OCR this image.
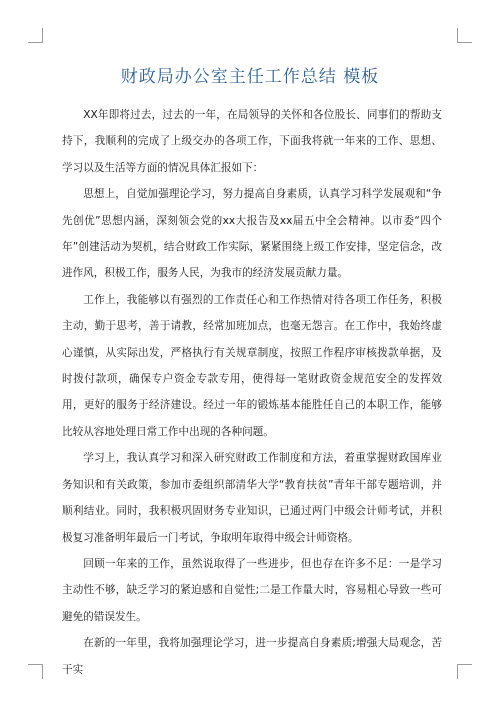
财政局办公室主任工作总结 模板

XX年即将过去，过去的一年，在局领导的关怀和各位股长、同事们的帮助支持下，我顺利的完成了上级交办的各项工作，下面我将就一年来的工作、思想、学习以及生活等方面的情况具体汇报如下：

思想上，自觉加强理论学习，努力提高自身素质，认真学习科学发展观和“争先创优”思想内涵，深刻领会党的xx大报告及xx届五中全会精神。以市委“四个年”创建活动为契机，结合财政工作实际，紧紧围绕上级工作安排，坚定信念，改进作风，积极工作，服务人民，为我市的经济发展贡献力量。

工作上，我能够以有强烈的工作责任心和工作热情对待各项工作任务，积极主动，勤于思考，善于请教，经常加班加点，也毫无怨言。在工作中，我始终虚心谨慎，从实际出发，严格执行有关规章制度，按照工作程序审核拨款单据，及时拨付款项，确保专户资金专款专用，使得每一笔财政资金规范安全的发挥效用，更好的服务于经济建设。经过一年的锻炼基本能胜任自己的本职工作，能够比较从容地处理日常工作中出现的各种问题。

学习上，我认真学习和深入研究财政工作制度和方法，着重掌握财政国库业务知识和有关政策，参加市委组织部清华大学“教育扶贫”青年干部专题培训，并顺利结业。同时，我积极巩固财务专业知识，已通过两门中级会计师考试，并积极复习准备明年最后一门考试，争取明年取得中级会计师资格。

回顾一年来的工作，虽然说取得了一些进步，但也存在许多不足：一是学习主动性不够，缺乏学习的紧迫感和自觉性;二是工作量大时，容易粗心导致一些可避免的错误发生。

在新的一年里，我将加强理论学习，进一步提高自身素质;增强大局观念，苦干实
